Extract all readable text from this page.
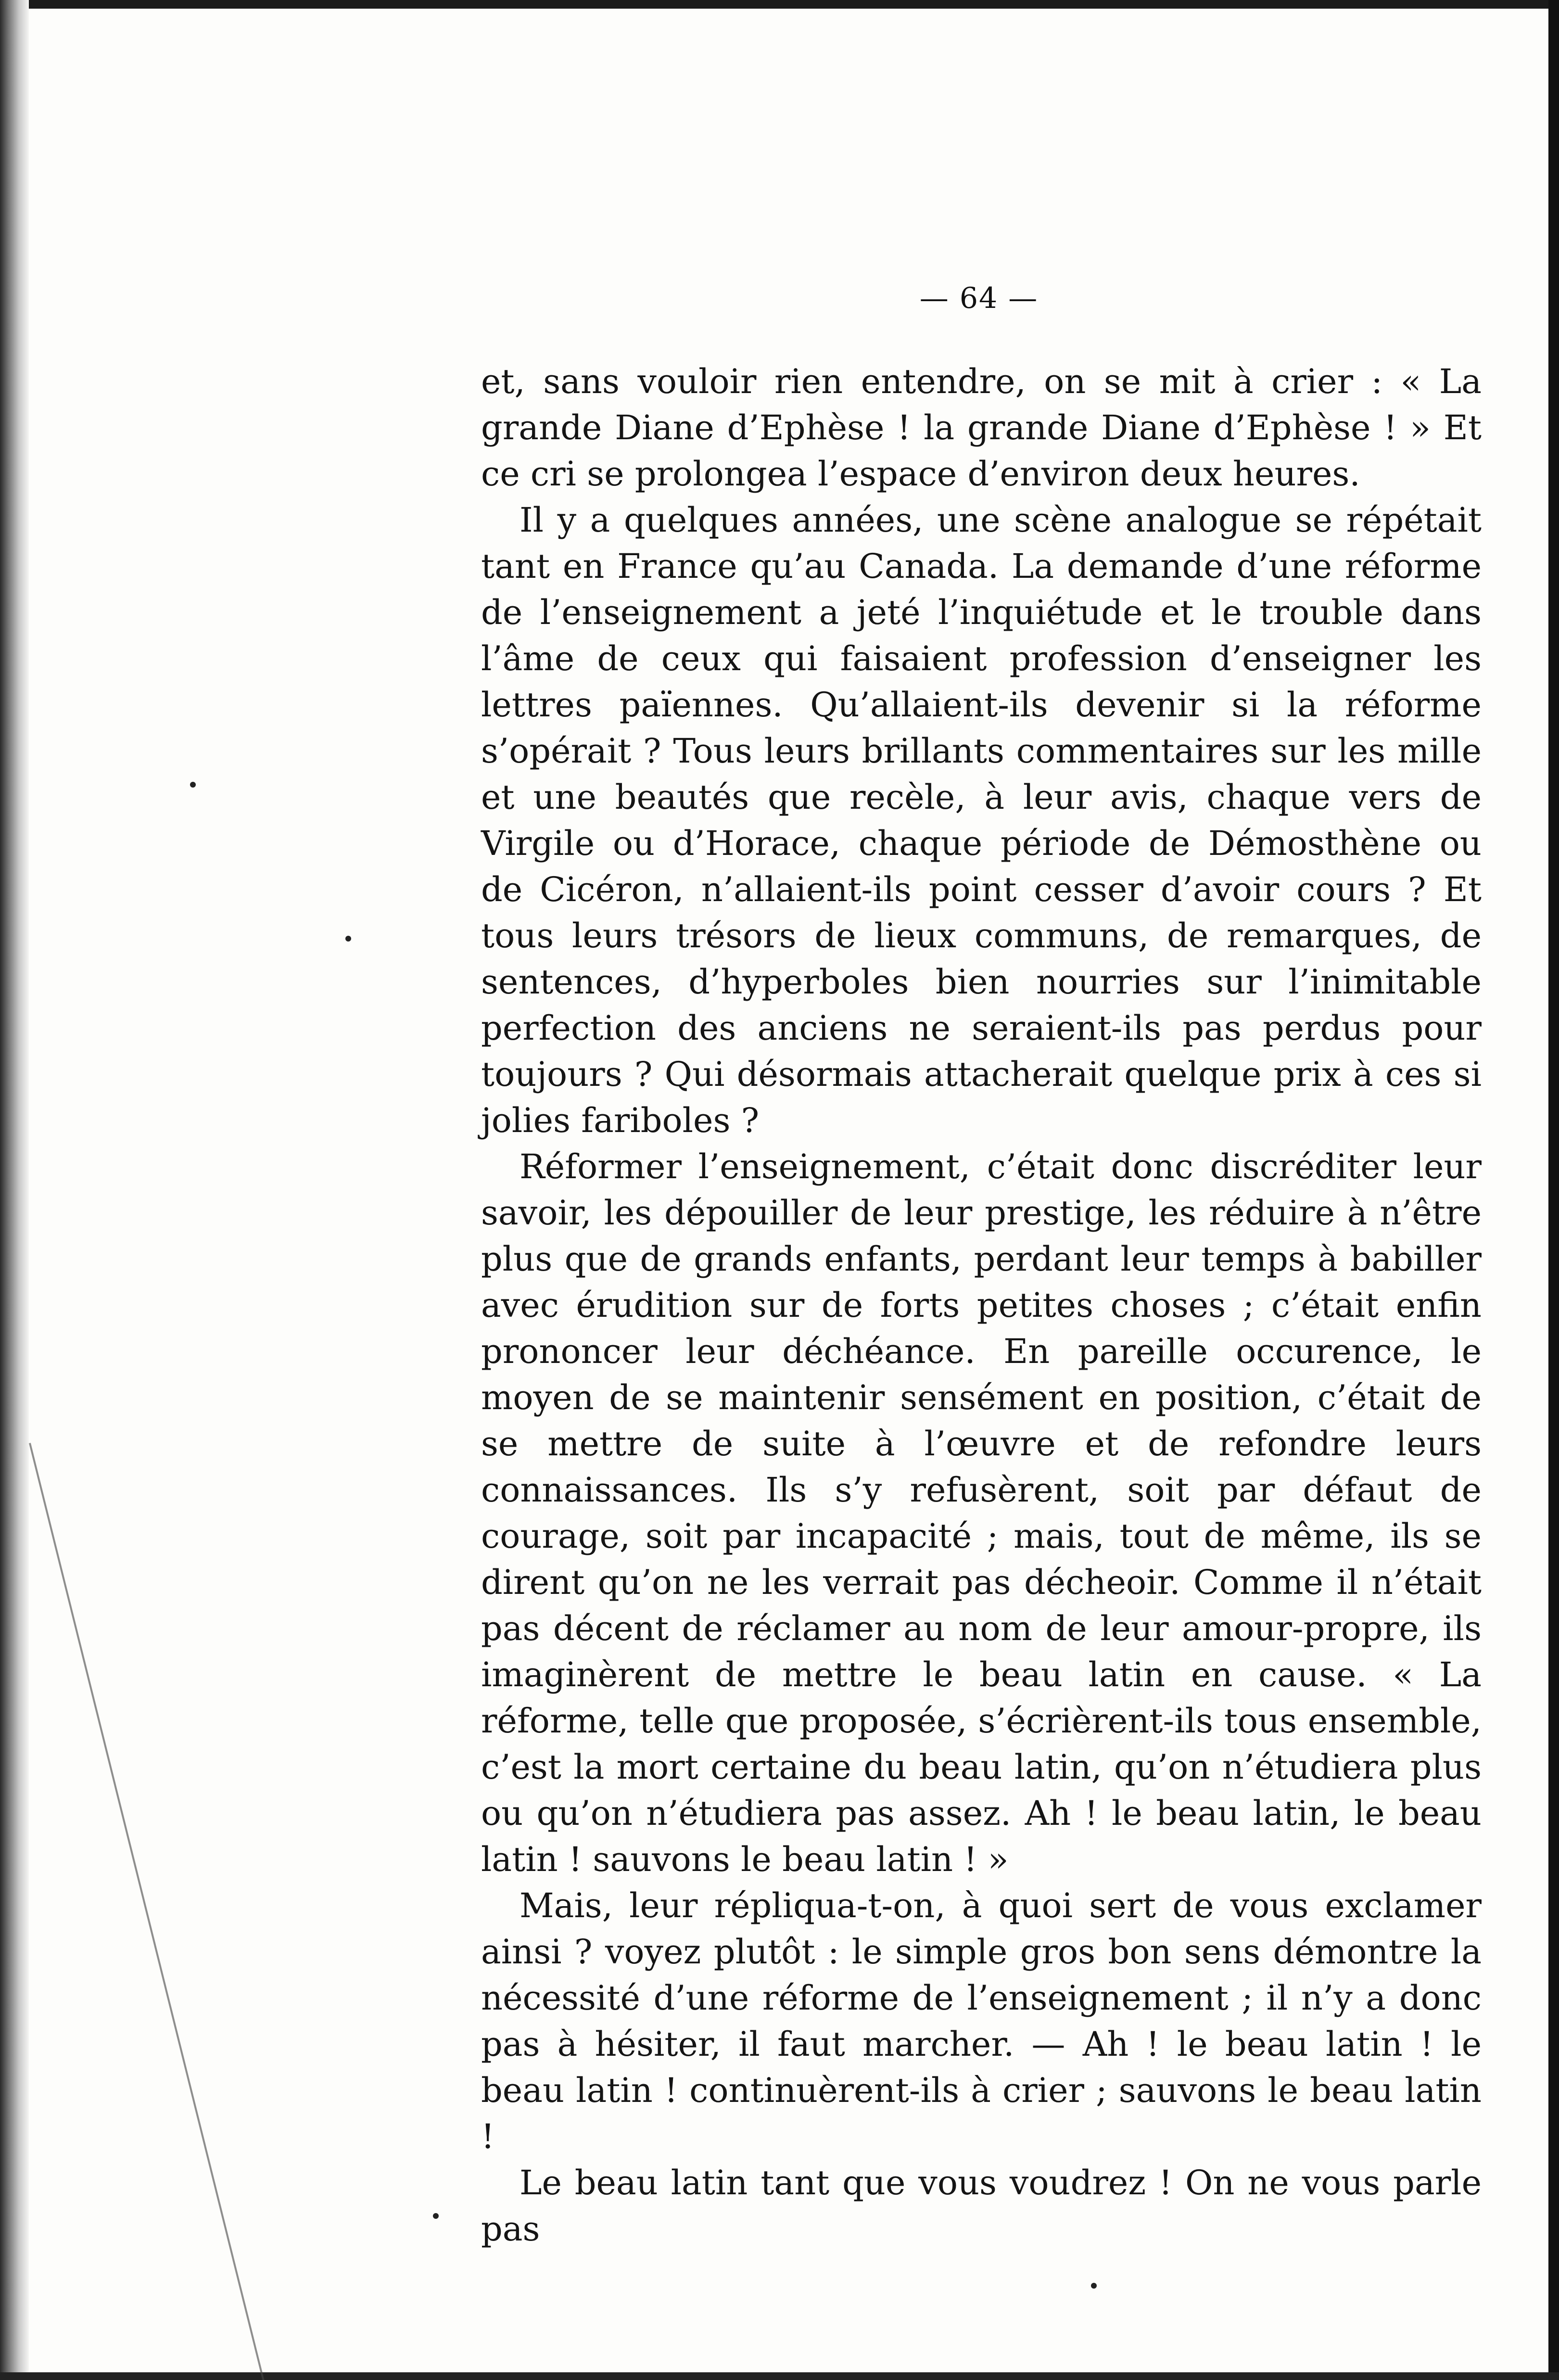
— 64 —

et, sans vouloir rien entendre, on se mit à crier : « La grande Diane d’Ephèse ! la grande Diane d’Ephèse ! » Et ce cri se prolongea l’espace d’environ deux heures.

Il y a quelques années, une scène analogue se répétait tant en France qu’au Canada. La demande d’une réforme de l’enseignement a jeté l’inquiétude et le trouble dans l’âme de ceux qui faisaient profession d’enseigner les lettres païennes. Qu’allaient-ils devenir si la réforme s’opérait ? Tous leurs brillants commentaires sur les mille et une beautés que recèle, à leur avis, chaque vers de Virgile ou d’Horace, chaque période de Démosthène ou de Cicéron, n’allaient-ils point cesser d’avoir cours ? Et tous leurs trésors de lieux communs, de remarques, de sentences, d’hyperboles bien nourries sur l’inimitable perfection des anciens ne seraient-ils pas perdus pour toujours ? Qui désormais attacherait quelque prix à ces si jolies fariboles ?

Réformer l’enseignement, c’était donc discréditer leur savoir, les dépouiller de leur prestige, les réduire à n’être plus que de grands enfants, perdant leur temps à babiller avec érudition sur de forts petites choses ; c’était enfin prononcer leur déchéance. En pareille occurence, le moyen de se maintenir sensément en position, c’était de se mettre de suite à l’œuvre et de refondre leurs connaissances. Ils s’y refusèrent, soit par défaut de courage, soit par incapacité ; mais, tout de même, ils se dirent qu’on ne les verrait pas décheoir. Comme il n’était pas décent de réclamer au nom de leur amour-propre, ils imaginèrent de mettre le beau latin en cause. « La réforme, telle que proposée, s’écrièrent-ils tous ensemble, c’est la mort certaine du beau latin, qu’on n’étudiera plus ou qu’on n’étudiera pas assez. Ah ! le beau latin, le beau latin ! sauvons le beau latin ! »

Mais, leur répliqua-t-on, à quoi sert de vous exclamer ainsi ? voyez plutôt : le simple gros bon sens démontre la nécessité d’une réforme de l’enseignement ; il n’y a donc pas à hésiter, il faut marcher. — Ah ! le beau latin ! le beau latin ! continuèrent-ils à crier ; sauvons le beau latin !

Le beau latin tant que vous voudrez ! On ne vous parle pas
